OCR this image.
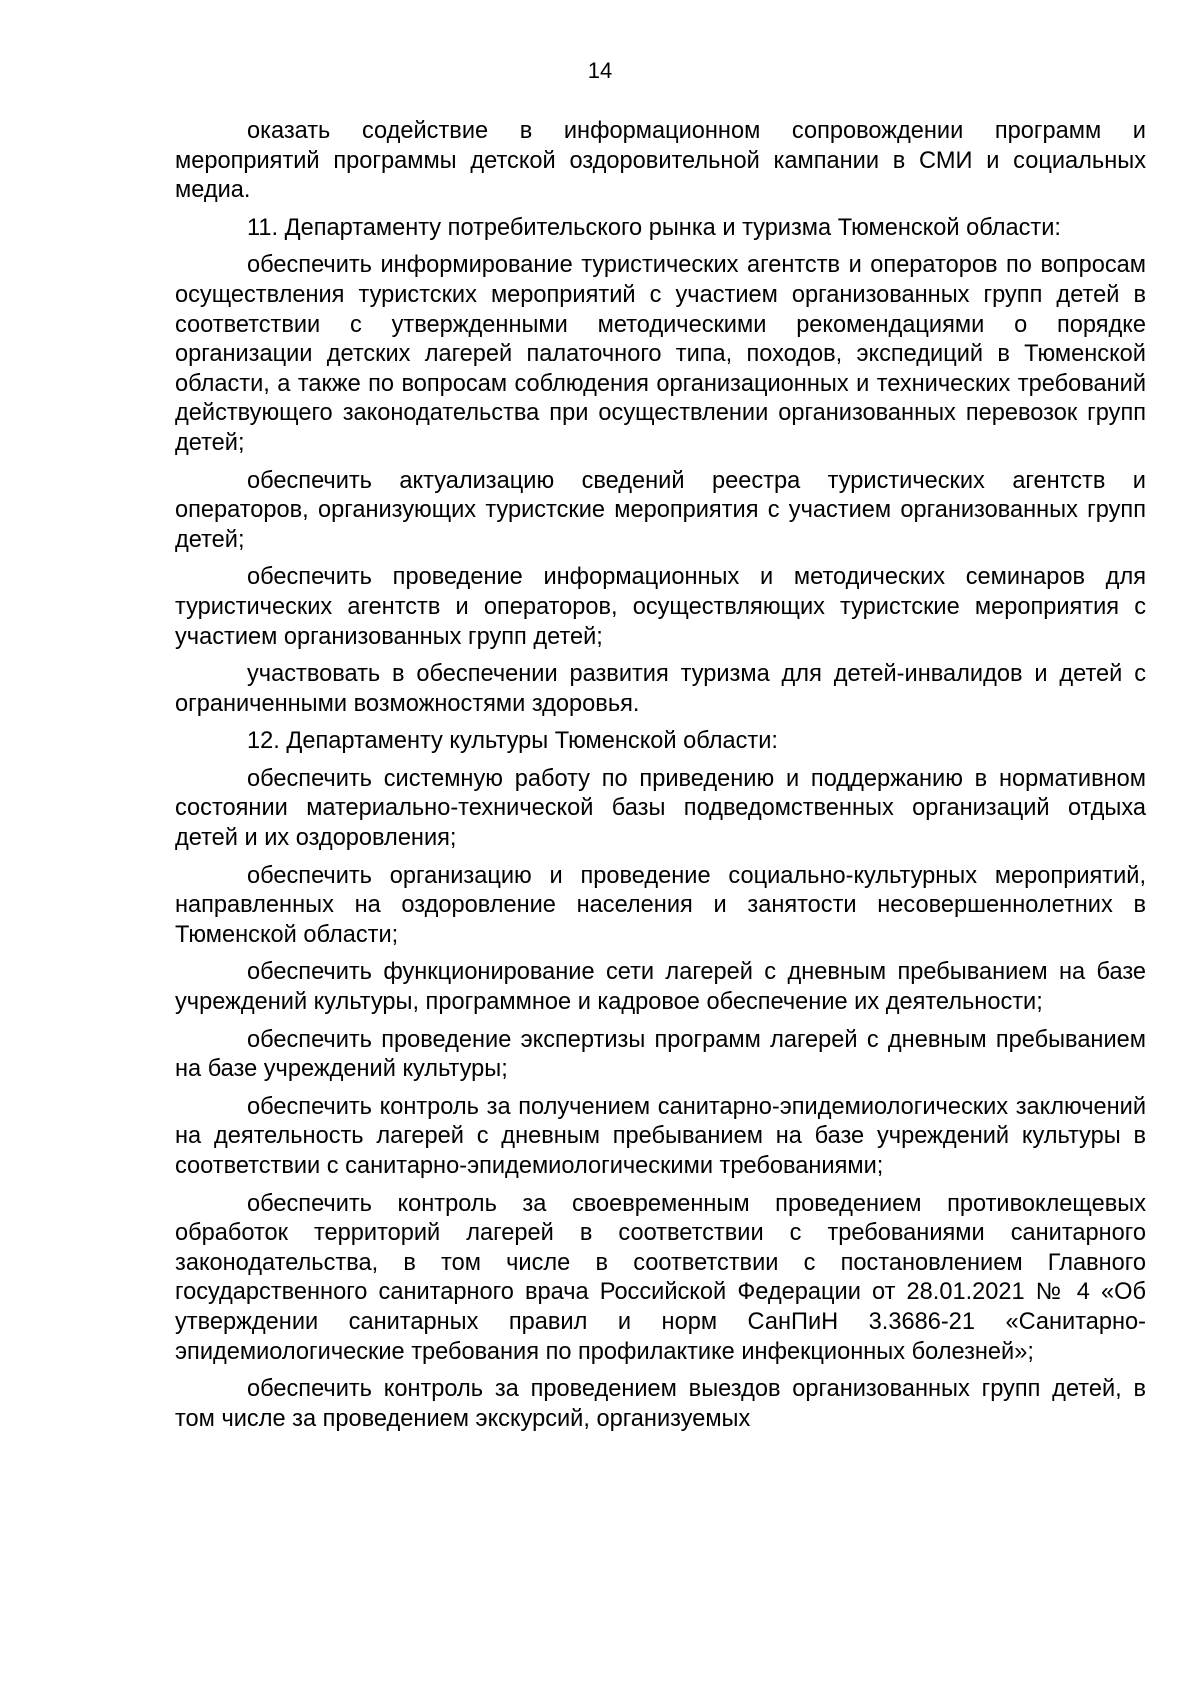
14

оказать содействие в информационном сопровождении программ и мероприятий программы детской оздоровительной кампании в СМИ и социальных медиа.

11. Департаменту потребительского рынка и туризма Тюменской области:

обеспечить информирование туристических агентств и операторов по вопросам осуществления туристских мероприятий с участием организованных групп детей в соответствии с утвержденными методическими рекомендациями о порядке организации детских лагерей палаточного типа, походов, экспедиций в Тюменской области, а также по вопросам соблюдения организационных и технических требований действующего законодательства при осуществлении организованных перевозок групп детей;

обеспечить актуализацию сведений реестра туристических агентств и операторов, организующих туристские мероприятия с участием организованных групп детей;

обеспечить проведение информационных и методических семинаров для туристических агентств и операторов, осуществляющих туристские мероприятия с участием организованных групп детей;

участвовать в обеспечении развития туризма для детей-инвалидов и детей с ограниченными возможностями здоровья.

12. Департаменту культуры Тюменской области:

обеспечить системную работу по приведению и поддержанию в нормативном состоянии материально-технической базы подведомственных организаций отдыха детей и их оздоровления;

обеспечить организацию и проведение социально-культурных мероприятий, направленных на оздоровление населения и занятости несовершеннолетних в Тюменской области;

обеспечить функционирование сети лагерей с дневным пребыванием на базе учреждений культуры, программное и кадровое обеспечение их деятельности;

обеспечить проведение экспертизы программ лагерей с дневным пребыванием на базе учреждений культуры;

обеспечить контроль за получением санитарно-эпидемиологических заключений на деятельность лагерей с дневным пребыванием на базе учреждений культуры в соответствии с санитарно-эпидемиологическими требованиями;

обеспечить контроль за своевременным проведением противоклещевых обработок территорий лагерей в соответствии с требованиями санитарного законодательства, в том числе в соответствии с постановлением Главного государственного санитарного врача Российской Федерации от 28.01.2021 № 4 «Об утверждении санитарных правил и норм СанПиН 3.3686-21 «Санитарно-эпидемиологические требования по профилактике инфекционных болезней»;

обеспечить контроль за проведением выездов организованных групп детей, в том числе за проведением экскурсий, организуемых
